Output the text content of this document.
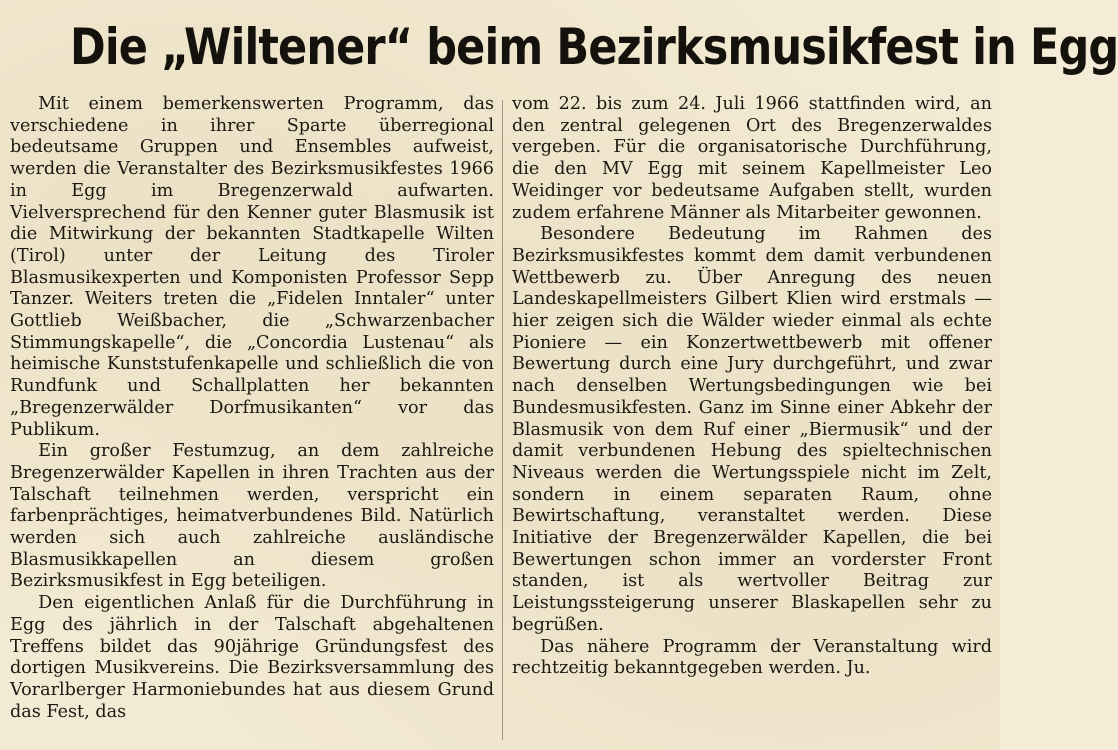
Die „Wiltener“ beim Bezirksmusikfest in Egg

Mit einem bemerkenswerten Programm, das verschiedene in ihrer Sparte überregional bedeutsame Gruppen und Ensembles aufweist, werden die Veranstalter des Bezirksmusikfestes 1966 in Egg im Bregenzerwald aufwarten. Vielversprechend für den Kenner guter Blasmusik ist die Mitwirkung der bekannten Stadtkapelle Wilten (Tirol) unter der Leitung des Tiroler Blasmusikexperten und Komponisten Professor Sepp Tanzer. Weiters treten die „Fidelen Inntaler“ unter Gottlieb Weißbacher, die „Schwarzenbacher Stimmungskapelle“, die „Concordia Lustenau“ als heimische Kunststufenkapelle und schließlich die von Rundfunk und Schallplatten her bekannten „Bregenzerwälder Dorfmusikanten“ vor das Publikum.

Ein großer Festumzug, an dem zahlreiche Bregenzerwälder Kapellen in ihren Trachten aus der Talschaft teilnehmen werden, verspricht ein farbenprächtiges, heimatverbundenes Bild. Natürlich werden sich auch zahlreiche ausländische Blasmusikkapellen an diesem großen Bezirksmusikfest in Egg beteiligen.

Den eigentlichen Anlaß für die Durchführung in Egg des jährlich in der Talschaft abgehaltenen Treffens bildet das 90jährige Gründungsfest des dortigen Musikvereins. Die Bezirksversammlung des Vorarlberger Harmoniebundes hat aus diesem Grund das Fest, das

vom 22. bis zum 24. Juli 1966 stattfinden wird, an den zentral gelegenen Ort des Bregenzerwaldes vergeben. Für die organisatorische Durchführung, die den MV Egg mit seinem Kapellmeister Leo Weidinger vor bedeutsame Aufgaben stellt, wurden zudem erfahrene Männer als Mitarbeiter gewonnen.

Besondere Bedeutung im Rahmen des Bezirksmusikfestes kommt dem damit verbundenen Wettbewerb zu. Über Anregung des neuen Landeskapellmeisters Gilbert Klien wird erstmals — hier zeigen sich die Wälder wieder einmal als echte Pioniere — ein Konzertwettbewerb mit offener Bewertung durch eine Jury durchgeführt, und zwar nach denselben Wertungsbedingungen wie bei Bundesmusikfesten. Ganz im Sinne einer Abkehr der Blasmusik von dem Ruf einer „Biermusik“ und der damit verbundenen Hebung des spieltechnischen Niveaus werden die Wertungsspiele nicht im Zelt, sondern in einem separaten Raum, ohne Bewirtschaftung, veranstaltet werden. Diese Initiative der Bregenzerwälder Kapellen, die bei Bewertungen schon immer an vorderster Front standen, ist als wertvoller Beitrag zur Leistungssteigerung unserer Blaskapellen sehr zu begrüßen.

Das nähere Programm der Veranstaltung wird rechtzeitig bekanntgegeben werden. Ju.
